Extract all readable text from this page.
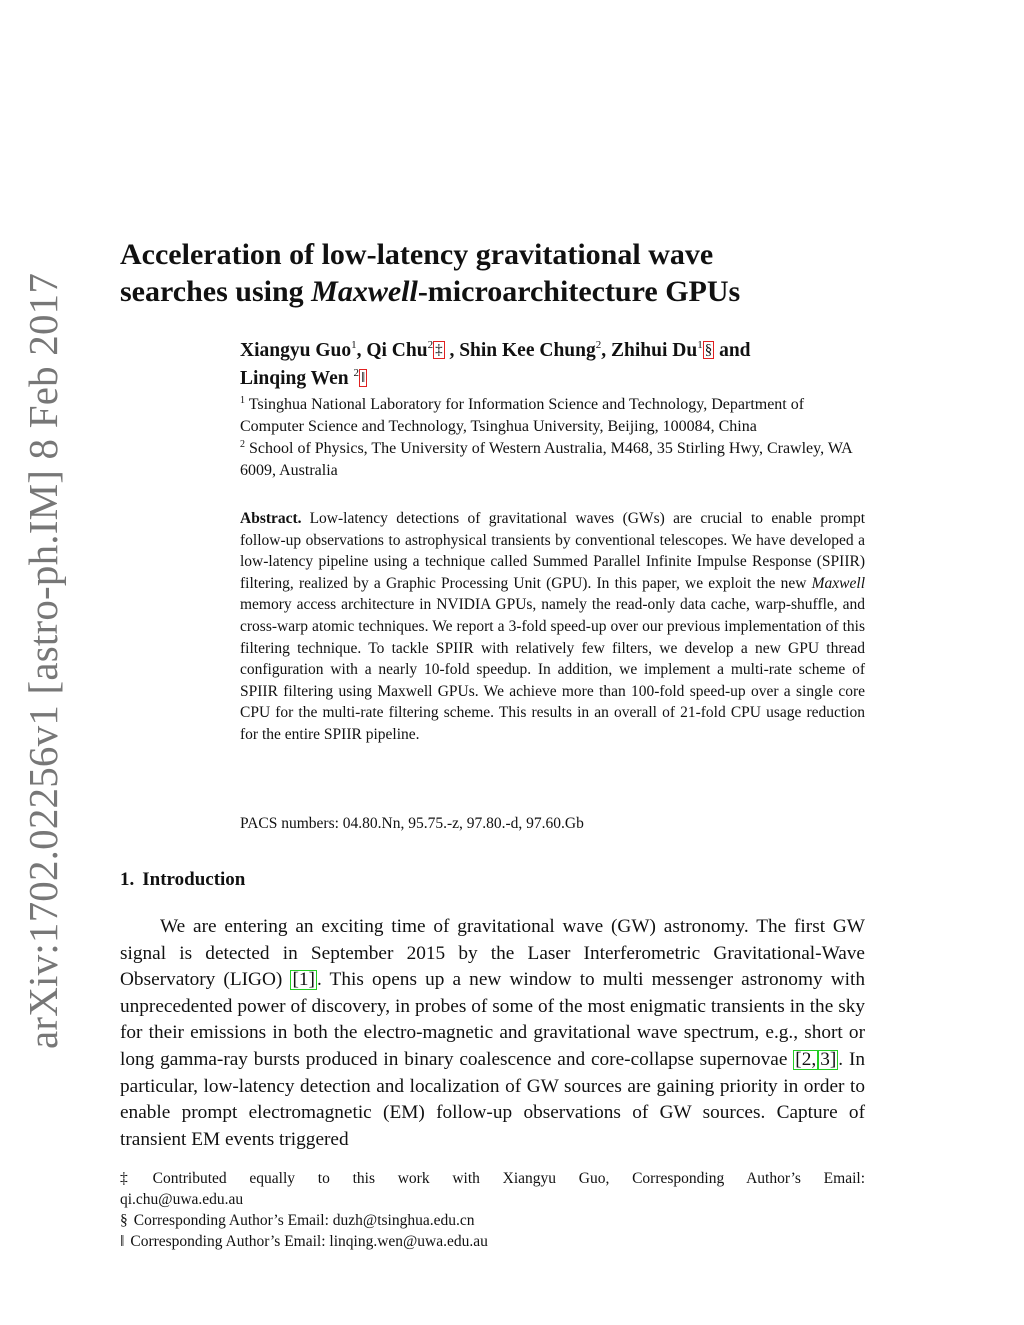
arXiv:1702.02256v1 [astro-ph.IM] 8 Feb 2017
Acceleration of low-latency gravitational wave
searches using Maxwell-microarchitecture GPUs
Xiangyu Guo$^1$, Qi Chu$^2$ ‡ , Shin Kee Chung$^2$, Zhihui Du$^1$ § and
Linqing Wen $^2$ ‖
$^1$ Tsinghua National Laboratory for Information Science and Technology, Department of Computer Science and Technology, Tsinghua University, Beijing, 100084, China
$^2$ School of Physics, The University of Western Australia, M468, 35 Stirling Hwy, Crawley, WA 6009, Australia

Abstract. Low-latency detections of gravitational waves (GWs) are crucial to enable prompt follow-up observations to astrophysical transients by conventional telescopes. We have developed a low-latency pipeline using a technique called Summed Parallel Infinite Impulse Response (SPIIR) filtering, realized by a Graphic Processing Unit (GPU). In this paper, we exploit the new Maxwell memory access architecture in NVIDIA GPUs, namely the read-only data cache, warp-shuffle, and cross-warp atomic techniques. We report a 3-fold speed-up over our previous implementation of this filtering technique. To tackle SPIIR with relatively few filters, we develop a new GPU thread configuration with a nearly 10-fold speedup. In addition, we implement a multi-rate scheme of SPIIR filtering using Maxwell GPUs. We achieve more than 100-fold speed-up over a single core CPU for the multi-rate filtering scheme. This results in an overall of 21-fold CPU usage reduction for the entire SPIIR pipeline.

PACS numbers: 04.80.Nn, 95.75.-z, 97.80.-d, 97.60.Gb
1. Introduction

We are entering an exciting time of gravitational wave (GW) astronomy. The first GW signal is detected in September 2015 by the Laser Interferometric Gravitational-Wave Observatory (LIGO) [1] . This opens up a new window to multi messenger astronomy with unprecedented power of discovery, in probes of some of the most enigmatic transients in the sky for their emissions in both the electro-magnetic and gravitational wave spectrum, e.g., short or long gamma-ray bursts produced in binary coalescence and core-collapse supernovae [2, 3] . In particular, low-latency detection and localization of GW sources are gaining priority in order to enable prompt electromagnetic (EM) follow-up observations of GW sources. Capture of transient EM events triggered

‡ Contributed equally to this work with Xiangyu Guo, Corresponding Author’s Email:

qi.chu@uwa.edu.au

§ Corresponding Author’s Email: duzh@tsinghua.edu.cn

‖ Corresponding Author’s Email: linqing.wen@uwa.edu.au
